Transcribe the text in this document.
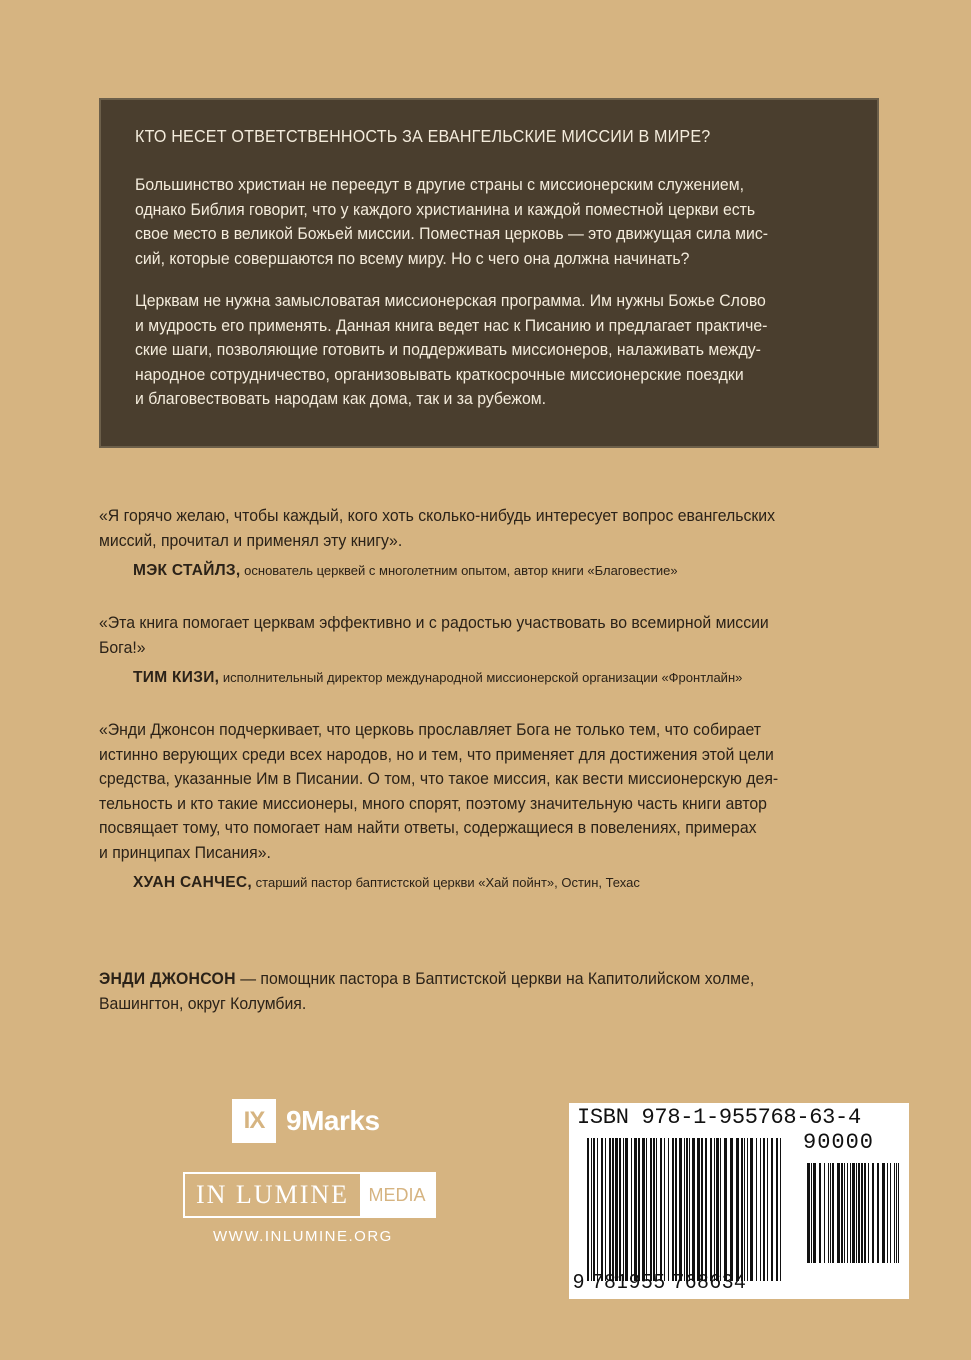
КТО НЕСЕТ ОТВЕТСТВЕННОСТЬ ЗА ЕВАНГЕЛЬСКИЕ МИССИИ В МИРЕ?

Большинство христиан не переедут в другие страны с миссионерским служением,
однако Библия говорит, что у каждого христианина и каждой поместной церкви есть
свое место в великой Божьей миссии. Поместная церковь — это движущая сила мис-
сий, которые совершаются по всему миру. Но с чего она должна начинать?

Церквам не нужна замысловатая миссионерская программа. Им нужны Божье Слово
и мудрость его применять. Данная книга ведет нас к Писанию и предлагает практиче-
ские шаги, позволяющие готовить и поддерживать миссионеров, налаживать между-
народное сотрудничество, организовывать краткосрочные миссионерские поездки
и благовествовать народам как дома, так и за рубежом.

«Я горячо желаю, чтобы каждый, кого хоть сколько-нибудь интересует вопрос евангельских
миссий, прочитал и применял эту книгу».
МЭК СТАЙЛЗ, основатель церквей с многолетним опытом, автор книги «Благовестие»
«Эта книга помогает церквам эффективно и с радостью участвовать во всемирной миссии
Бога!»
ТИМ КИЗИ, исполнительный директор международной миссионерской организации «Фронтлайн»
«Энди Джонсон подчеркивает, что церковь прославляет Бога не только тем, что собирает
истинно верующих среди всех народов, но и тем, что применяет для достижения этой цели
средства, указанные Им в Писании. О том, что такое миссия, как вести миссионерскую дея-
тельность и кто такие миссионеры, много спорят, поэтому значительную часть книги автор
посвящает тому, что помогает нам найти ответы, содержащиеся в повелениях, примерах
и принципах Писания».
ХУАН САНЧЕС, старший пастор баптистской церкви «Хай пойнт», Остин, Техас
ЭНДИ ДЖОНСОН — помощник пастора в Баптистской церкви на Капитолийском холме,
Вашингтон, округ Колумбия.
IX 9Marks
IN LUMINE	MEDIA
WWW.INLUMINE.ORG
ISBN 978-1-955768-63-4
90000
9 781955 768634
